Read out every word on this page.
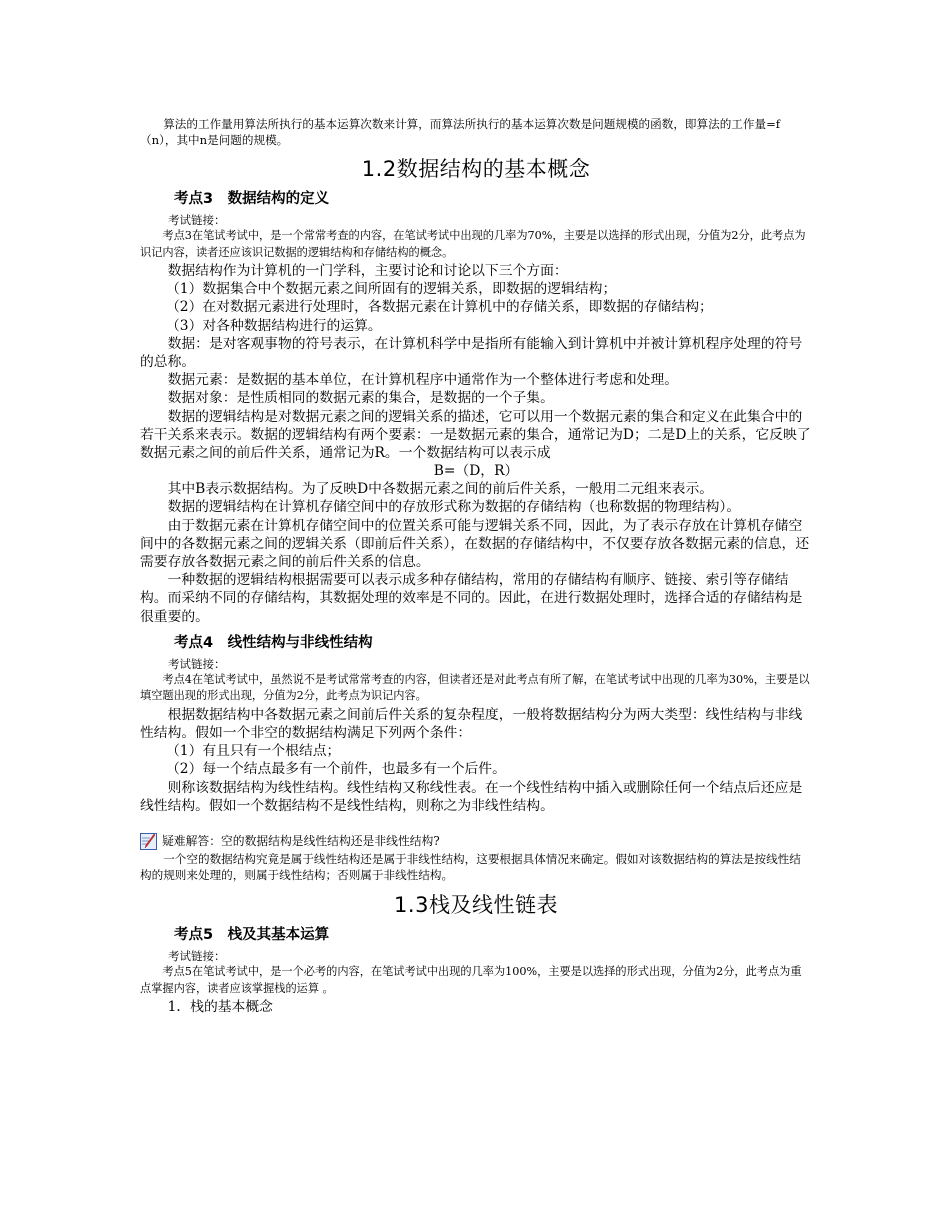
算法的工作量用算法所执行的基本运算次数来计算，而算法所执行的基本运算次数是问题规模的函数，即算法的工作量=f（n），其中n是问题的规模。

1.2数据结构的基本概念
考点3　数据结构的定义
考试链接：

考点3在笔试考试中，是一个常常考查的内容，在笔试考试中出现的几率为70%，主要是以选择的形式出现，分值为2分，此考点为识记内容，读者还应该识记数据的逻辑结构和存储结构的概念。

数据结构作为计算机的一门学科，主要讨论和讨论以下三个方面：

（1）数据集合中个数据元素之间所固有的逻辑关系，即数据的逻辑结构；

（2）在对数据元素进行处理时，各数据元素在计算机中的存储关系，即数据的存储结构；

（3）对各种数据结构进行的运算。

数据：是对客观事物的符号表示，在计算机科学中是指所有能输入到计算机中并被计算机程序处理的符号的总称。

数据元素：是数据的基本单位，在计算机程序中通常作为一个整体进行考虑和处理。

数据对象：是性质相同的数据元素的集合，是数据的一个子集。

数据的逻辑结构是对数据元素之间的逻辑关系的描述，它可以用一个数据元素的集合和定义在此集合中的若干关系来表示。数据的逻辑结构有两个要素：一是数据元素的集合，通常记为D；二是D上的关系，它反映了数据元素之间的前后件关系，通常记为R。一个数据结构可以表示成

B=（D，R）

其中B表示数据结构。为了反映D中各数据元素之间的前后件关系，一般用二元组来表示。

数据的逻辑结构在计算机存储空间中的存放形式称为数据的存储结构（也称数据的物理结构）。

由于数据元素在计算机存储空间中的位置关系可能与逻辑关系不同，因此，为了表示存放在计算机存储空间中的各数据元素之间的逻辑关系（即前后件关系），在数据的存储结构中，不仅要存放各数据元素的信息，还需要存放各数据元素之间的前后件关系的信息。

一种数据的逻辑结构根据需要可以表示成多种存储结构，常用的存储结构有顺序、链接、索引等存储结构。而采纳不同的存储结构，其数据处理的效率是不同的。因此，在进行数据处理时，选择合适的存储结构是很重要的。

考点4　线性结构与非线性结构
考试链接：

考点4在笔试考试中，虽然说不是考试常常考查的内容，但读者还是对此考点有所了解，在笔试考试中出现的几率为30%，主要是以填空题出现的形式出现，分值为2分，此考点为识记内容。

根据数据结构中各数据元素之间前后件关系的复杂程度，一般将数据结构分为两大类型：线性结构与非线性结构。假如一个非空的数据结构满足下列两个条件：

（1）有且只有一个根结点；

（2）每一个结点最多有一个前件，也最多有一个后件。

则称该数据结构为线性结构。线性结构又称线性表。在一个线性结构中插入或删除任何一个结点后还应是线性结构。假如一个数据结构不是线性结构，则称之为非线性结构。

疑难解答：空的数据结构是线性结构还是非线性结构?

一个空的数据结构究竟是属于线性结构还是属于非线性结构，这要根据具体情况来确定。假如对该数据结构的算法是按线性结构的规则来处理的，则属于线性结构；否则属于非线性结构。

1.3栈及线性链表
考点5　栈及其基本运算
考试链接：

考点5在笔试考试中，是一个必考的内容，在笔试考试中出现的几率为100%，主要是以选择的形式出现，分值为2分，此考点为重点掌握内容，读者应该掌握栈的运算 。

1．栈的基本概念
